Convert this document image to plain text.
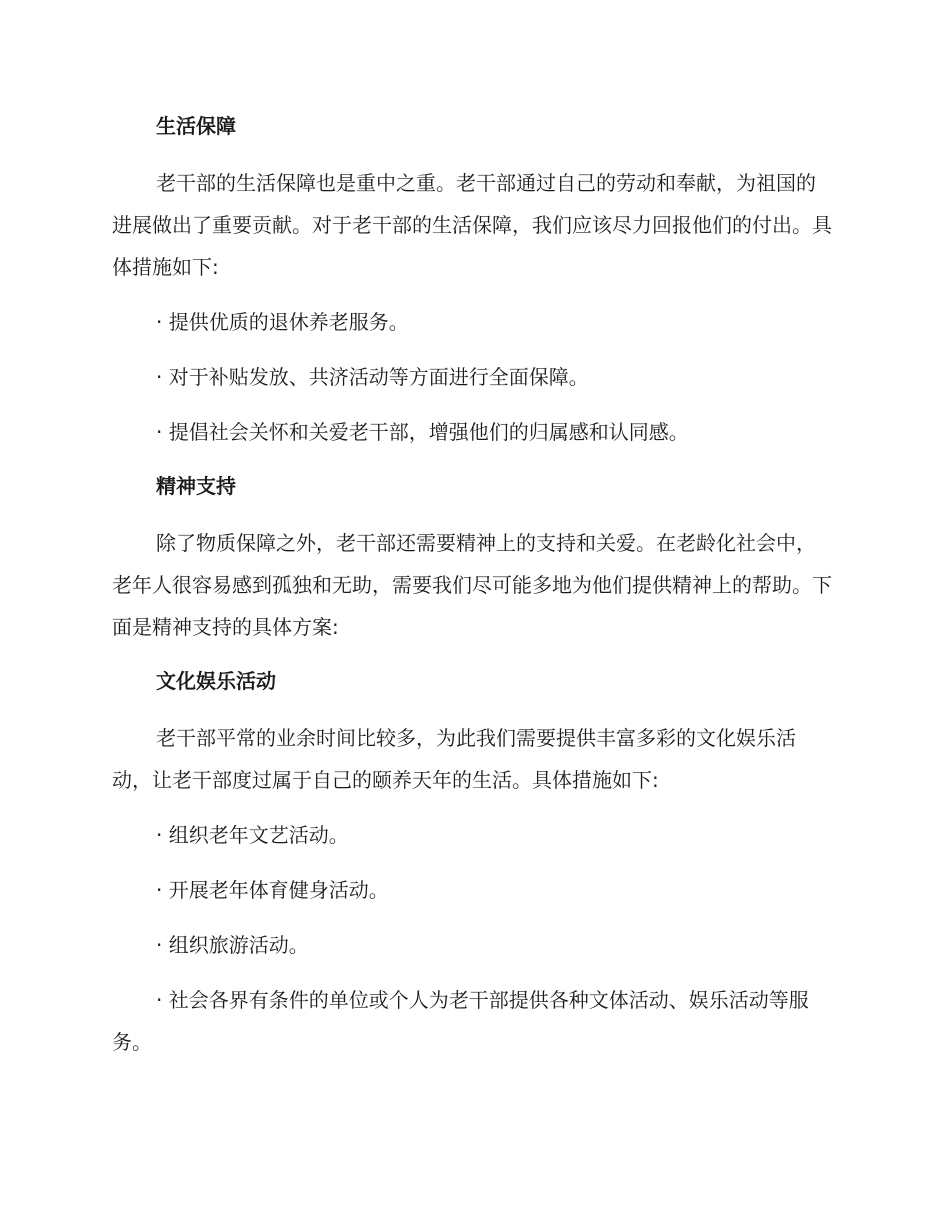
生活保障

老干部的生活保障也是重中之重。老干部通过自己的劳动和奉献，为祖国的进展做出了重要贡献。对于老干部的生活保障，我们应该尽力回报他们的付出。具体措施如下:

· 提供优质的退休养老服务。

· 对于补贴发放、共济活动等方面进行全面保障。

· 提倡社会关怀和关爱老干部，增强他们的归属感和认同感。

精神支持

除了物质保障之外，老干部还需要精神上的支持和关爱。在老龄化社会中，老年人很容易感到孤独和无助，需要我们尽可能多地为他们提供精神上的帮助。下面是精神支持的具体方案:

文化娱乐活动

老干部平常的业余时间比较多，为此我们需要提供丰富多彩的文化娱乐活动，让老干部度过属于自己的颐养天年的生活。具体措施如下:

· 组织老年文艺活动。

· 开展老年体育健身活动。

· 组织旅游活动。

· 社会各界有条件的单位或个人为老干部提供各种文体活动、娱乐活动等服务。
